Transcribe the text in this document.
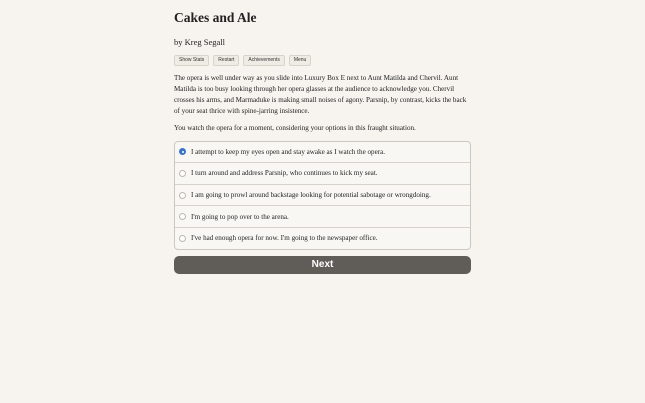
Cakes and Ale
by Kreg Segall
Show Stats	Restart	Achievements	Menu

The opera is well under way as you slide into Luxury Box E next to Aunt Matilda and Chervil. Aunt Matilda is too busy looking through her opera glasses at the audience to acknowledge you. Chervil crosses his arms, and Marmaduke is making small noises of agony. Parsnip, by contrast, kicks the back of your seat thrice with spine-jarring insistence.

You watch the opera for a moment, considering your options in this fraught situation.

I attempt to keep my eyes open and stay awake as I watch the opera.
I turn around and address Parsnip, who continues to kick my seat.
I am going to prowl around backstage looking for potential sabotage or wrongdoing.
I'm going to pop over to the arena.
I've had enough opera for now. I'm going to the newspaper office.
Next
